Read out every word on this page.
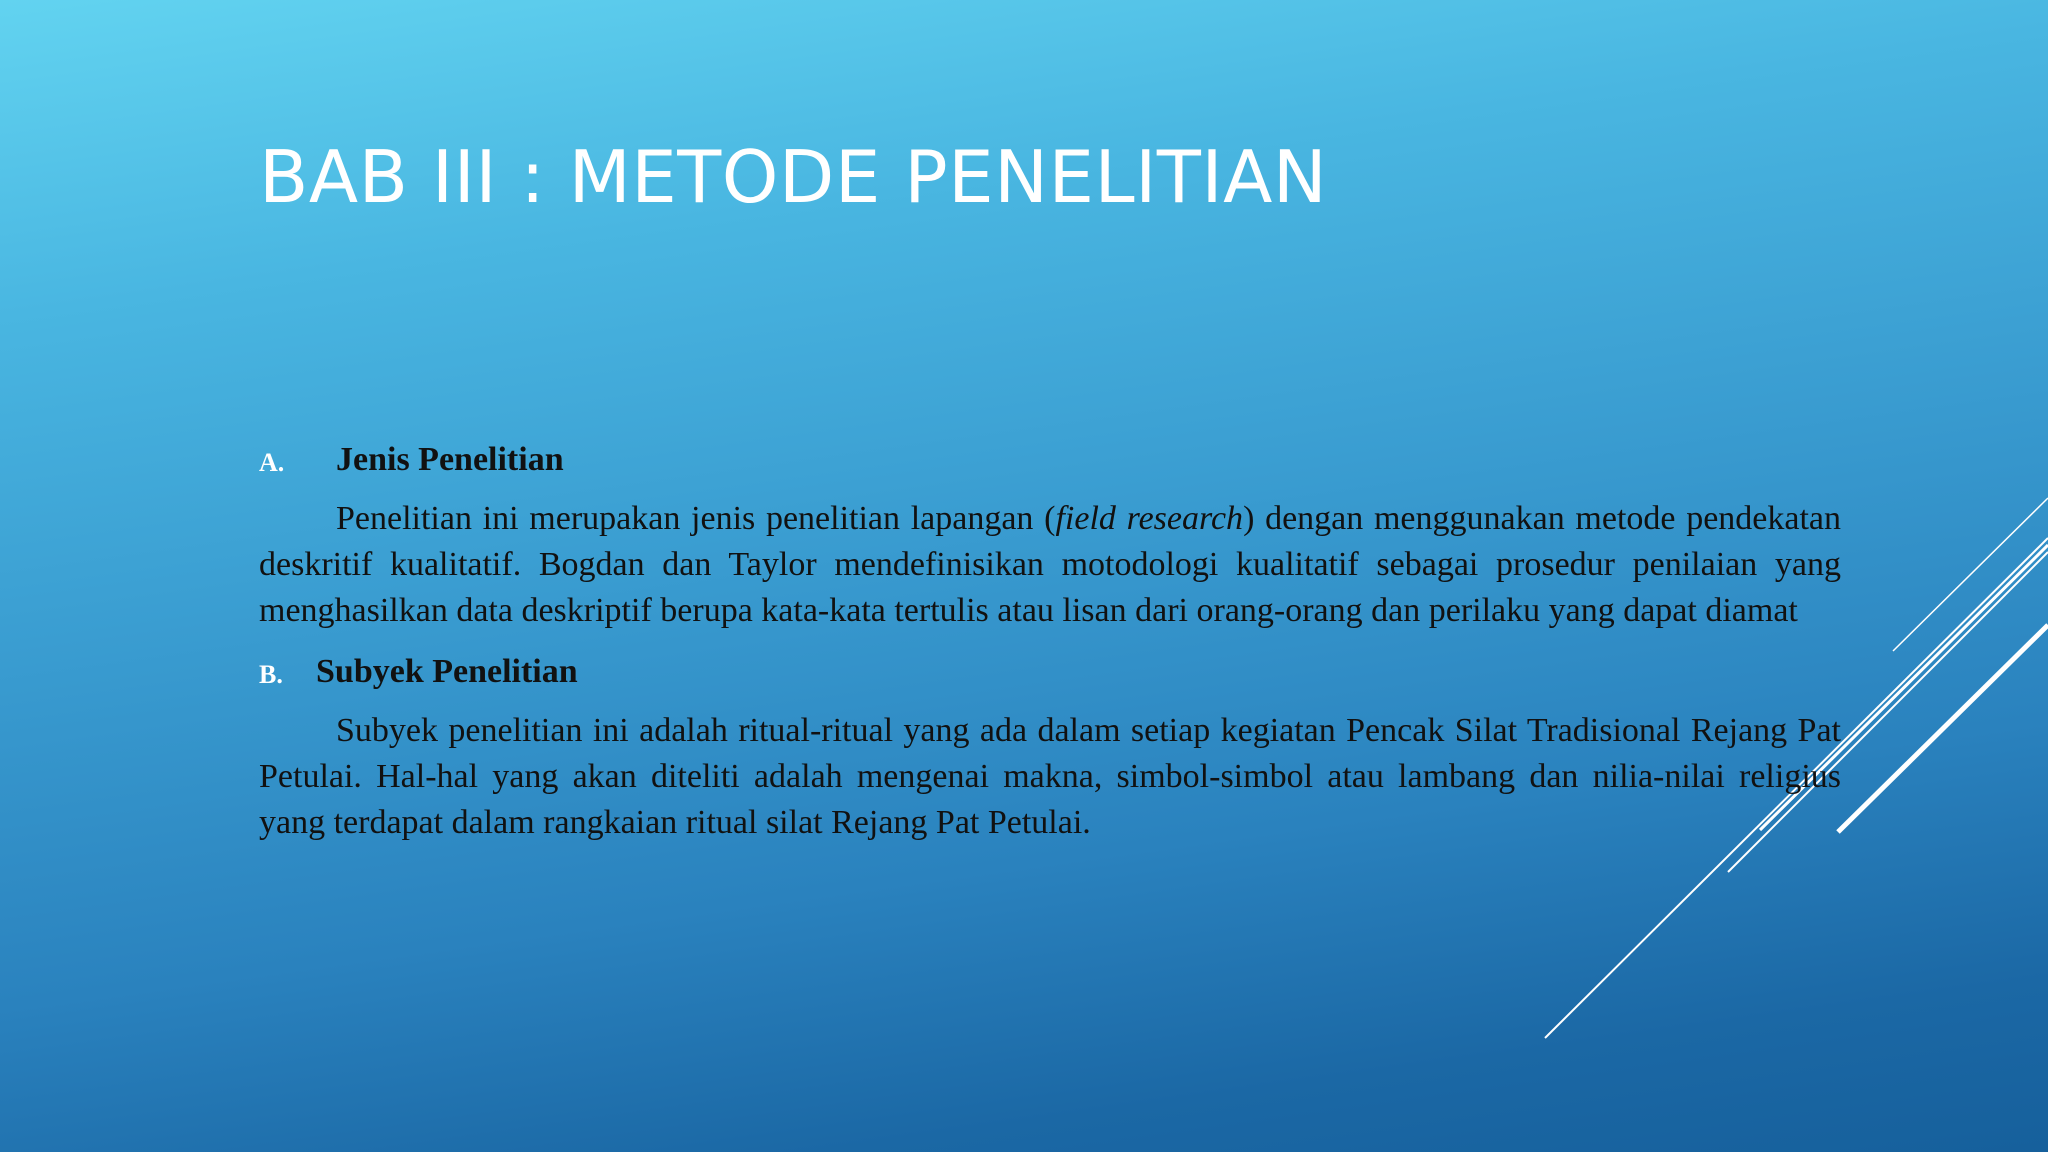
BAB III : METODE PENELITIAN
A.	Jenis Penelitian

Penelitian ini merupakan jenis penelitian lapangan (field research) dengan menggunakan metode pendekatan deskritif kualitatif. Bogdan dan Taylor mendefinisikan motodologi kualitatif sebagai prosedur penilaian yang menghasilkan data deskriptif berupa kata-kata tertulis atau lisan dari orang-orang dan perilaku yang dapat diamat

B. Subyek Penelitian

Subyek penelitian ini adalah ritual-ritual yang ada dalam setiap kegiatan Pencak Silat Tradisional Rejang Pat Petulai. Hal-hal yang akan diteliti adalah mengenai makna, simbol-simbol atau lambang dan nilia-nilai religius yang terdapat dalam rangkaian ritual silat Rejang Pat Petulai.
